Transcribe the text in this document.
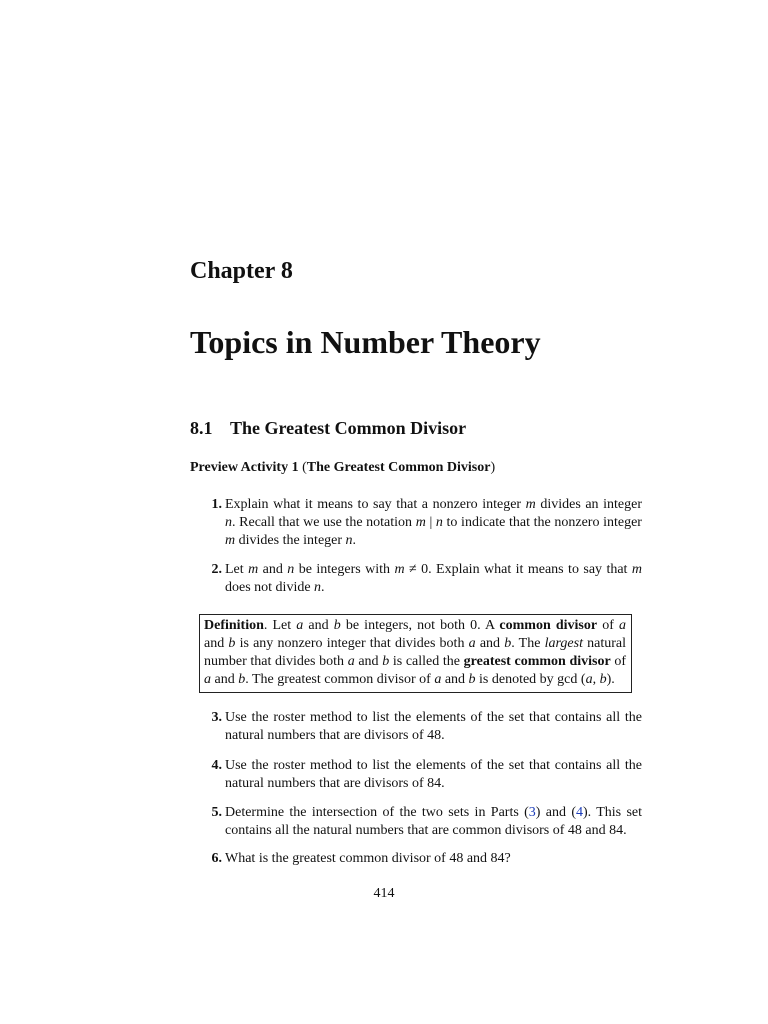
Chapter 8
Topics in Number Theory
8.1 The Greatest Common Divisor
Preview Activity 1 (The Greatest Common Divisor)
1. Explain what it means to say that a nonzero integer m divides an integer n. Recall that we use the notation m | n to indicate that the nonzero integer m divides the integer n.
2. Let m and n be integers with m ≠ 0. Explain what it means to say that m does not divide n.
Definition. Let a and b be integers, not both 0. A common divisor of a and b is any nonzero integer that divides both a and b. The largest natural number that divides both a and b is called the greatest common divisor of a and b. The greatest common divisor of a and b is denoted by gcd (a, b).
3. Use the roster method to list the elements of the set that contains all the natural numbers that are divisors of 48.
4. Use the roster method to list the elements of the set that contains all the natural numbers that are divisors of 84.
5. Determine the intersection of the two sets in Parts (3) and (4). This set contains all the natural numbers that are common divisors of 48 and 84.
6. What is the greatest common divisor of 48 and 84?
414
